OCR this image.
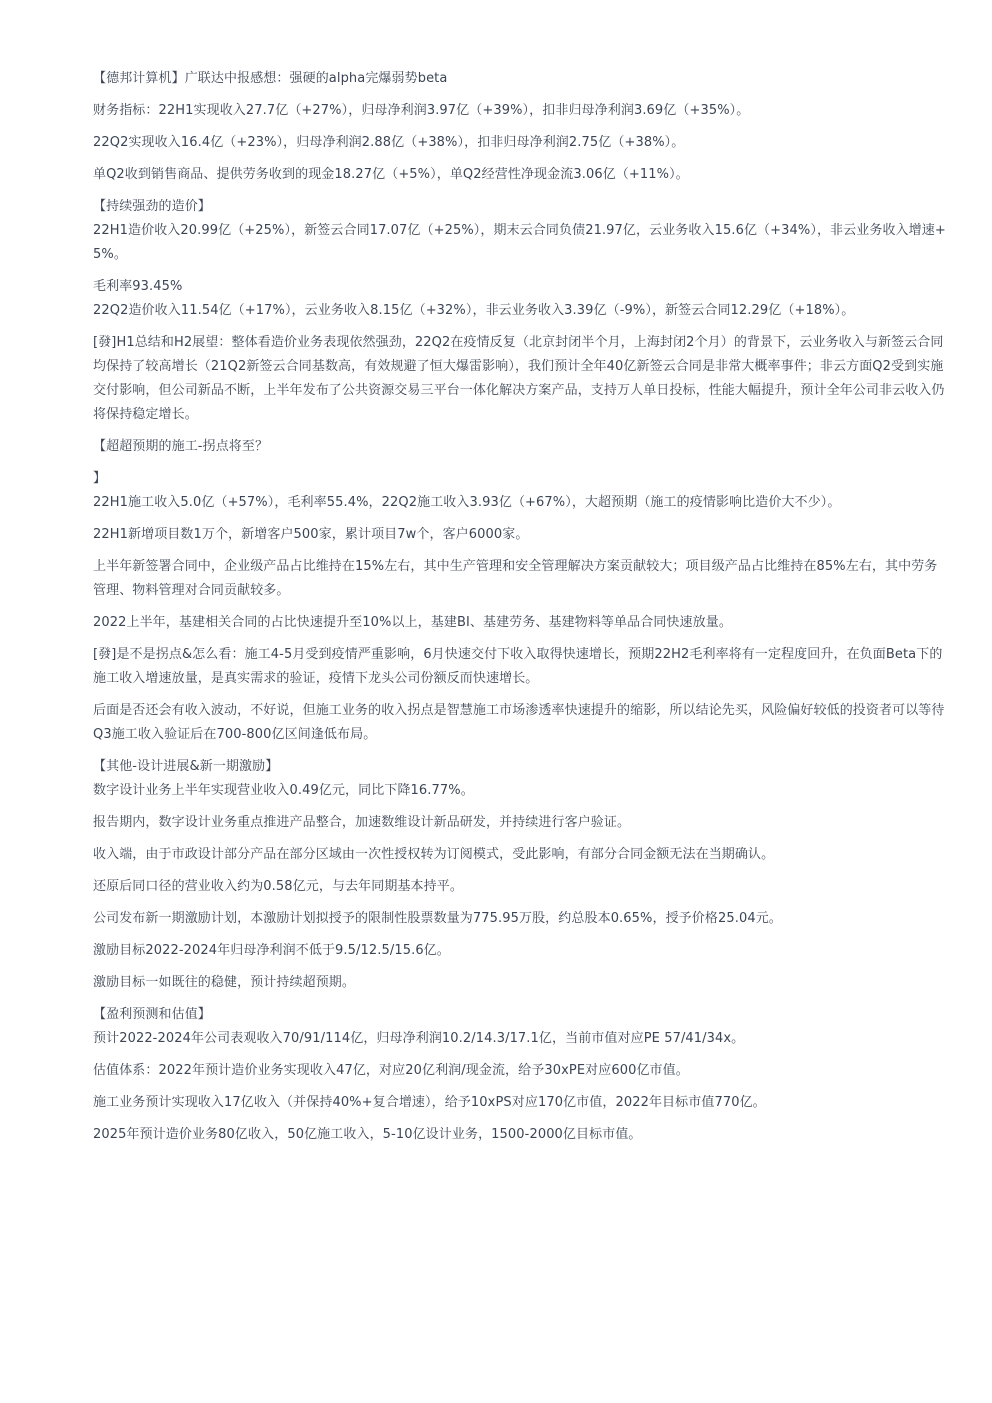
【德邦计算机】广联达中报感想：强硬的alpha完爆弱势beta
财务指标：22H1实现收入27.7亿（+27%），归母净利润3.97亿（+39%），扣非归母净利润3.69亿（+35%）。
22Q2实现收入16.4亿（+23%），归母净利润2.88亿（+38%），扣非归母净利润2.75亿（+38%）。
单Q2收到销售商品、提供劳务收到的现金18.27亿（+5%），单Q2经营性净现金流3.06亿（+11%）。
【持续强劲的造价】
22H1造价收入20.99亿（+25%），新签云合同17.07亿（+25%），期末云合同负债21.97亿，云业务收入15.6亿（+34%），非云业务收入增速+5%。
毛利率93.45%
22Q2造价收入11.54亿（+17%），云业务收入8.15亿（+32%），非云业务收入3.39亿（-9%），新签云合同12.29亿（+18%）。
[發]H1总结和H2展望：整体看造价业务表现依然强劲，22Q2在疫情反复（北京封闭半个月，上海封闭2个月）的背景下，云业务收入与新签云合同均保持了较高增长（21Q2新签云合同基数高，有效规避了恒大爆雷影响），我们预计全年40亿新签云合同是非常大概率事件；非云方面Q2受到实施交付影响，但公司新品不断，上半年发布了公共资源交易三平台一体化解决方案产品，支持万人单日投标，性能大幅提升，预计全年公司非云收入仍将保持稳定增长。
【超超预期的施工-拐点将至？
】
22H1施工收入5.0亿（+57%），毛利率55.4%，22Q2施工收入3.93亿（+67%），大超预期（施工的疫情影响比造价大不少）。
22H1新增项目数1万个，新增客户500家，累计项目7w个，客户6000家。
上半年新签署合同中，企业级产品占比维持在15%左右，其中生产管理和安全管理解决方案贡献较大；项目级产品占比维持在85%左右，其中劳务管理、物料管理对合同贡献较多。
2022上半年，基建相关合同的占比快速提升至10%以上，基建BI、基建劳务、基建物料等单品合同快速放量。
[發]是不是拐点&怎么看：施工4-5月受到疫情严重影响，6月快速交付下收入取得快速增长，预期22H2毛利率将有一定程度回升，在负面Beta下的施工收入增速放量，是真实需求的验证，疫情下龙头公司份额反而快速增长。
后面是否还会有收入波动，不好说，但施工业务的收入拐点是智慧施工市场渗透率快速提升的缩影，所以结论先买，风险偏好较低的投资者可以等待Q3施工收入验证后在700-800亿区间逢低布局。
【其他-设计进展&新一期激励】
数字设计业务上半年实现营业收入0.49亿元，同比下降16.77%。
报告期内，数字设计业务重点推进产品整合，加速数维设计新品研发，并持续进行客户验证。
收入端，由于市政设计部分产品在部分区域由一次性授权转为订阅模式，受此影响，有部分合同金额无法在当期确认。
还原后同口径的营业收入约为0.58亿元，与去年同期基本持平。
公司发布新一期激励计划，本激励计划拟授予的限制性股票数量为775.95万股，约总股本0.65%，授予价格25.04元。
激励目标2022-2024年归母净利润不低于9.5/12.5/15.6亿。
激励目标一如既往的稳健，预计持续超预期。
【盈利预测和估值】
预计2022-2024年公司表观收入70/91/114亿，归母净利润10.2/14.3/17.1亿，当前市值对应PE 57/41/34x。
估值体系：2022年预计造价业务实现收入47亿，对应20亿利润/现金流，给予30xPE对应600亿市值。
施工业务预计实现收入17亿收入（并保持40%+复合增速），给予10xPS对应170亿市值，2022年目标市值770亿。
2025年预计造价业务80亿收入，50亿施工收入，5-10亿设计业务，1500-2000亿目标市值。
